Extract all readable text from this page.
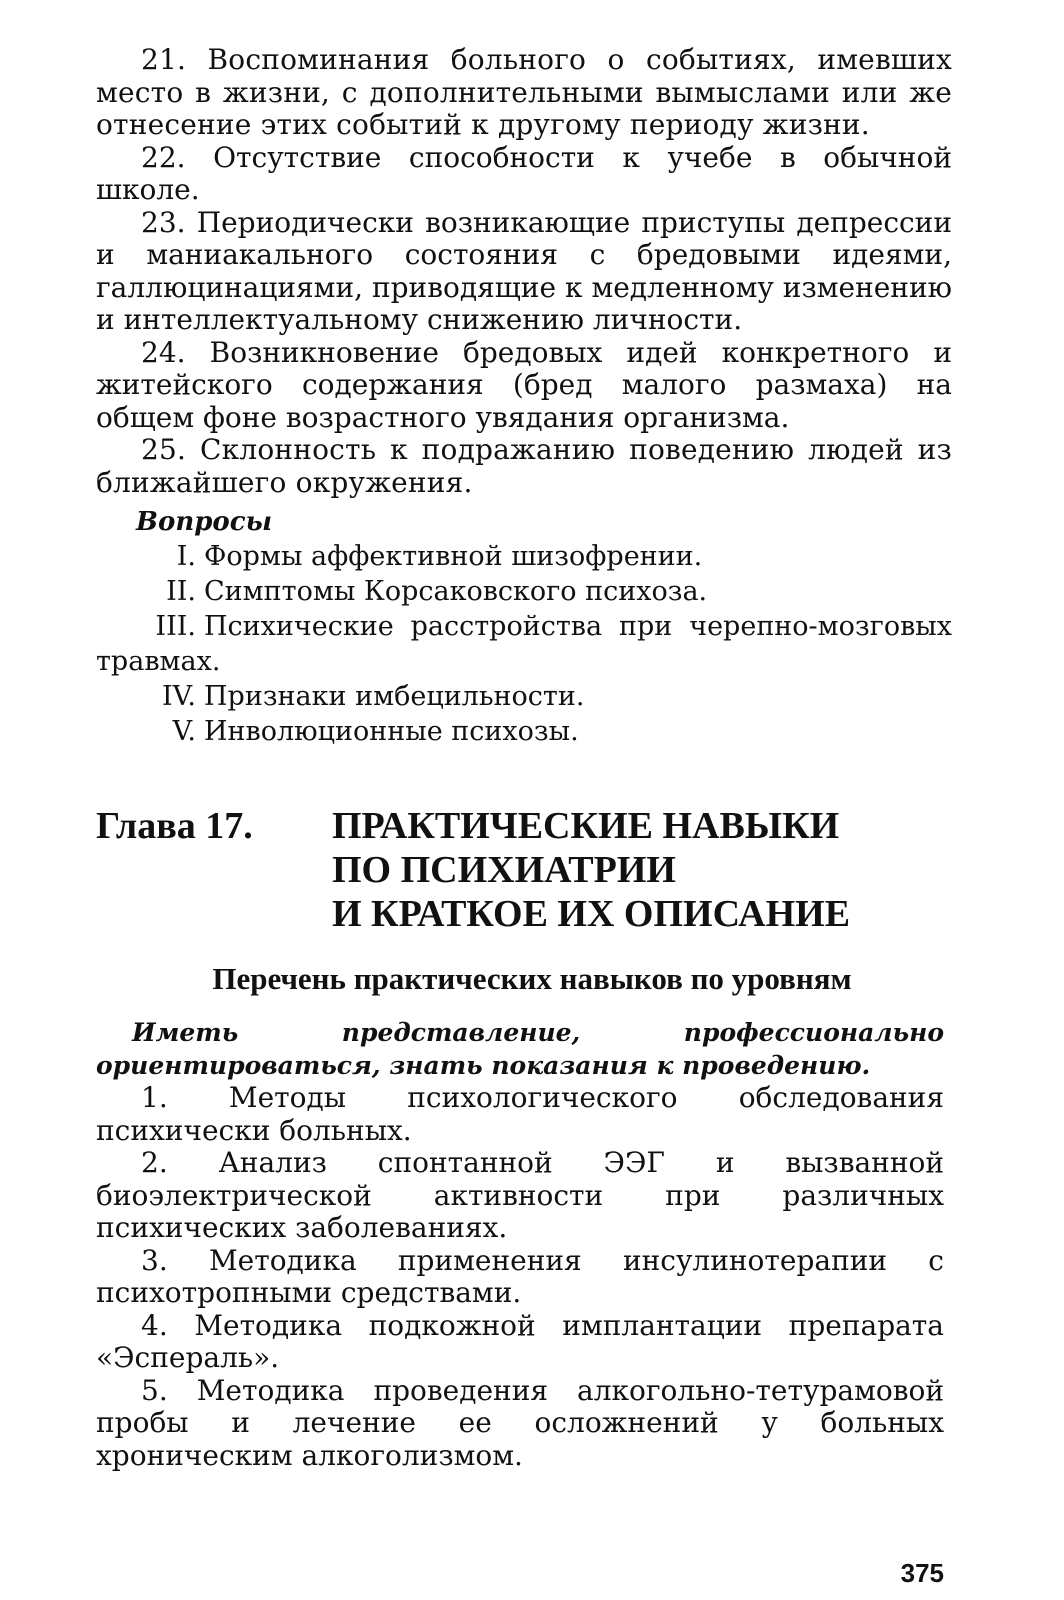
21. Воспоминания больного о событиях, имевших место в жизни, с дополнительными вымыслами или же отнесение этих событий к другому периоду жизни.

22. Отсутствие способности к учебе в обычной школе.

23. Периодически возникающие приступы депрессии и маниакального состояния с бредовыми идеями, галлюцинациями, приводящие к медленному изменению и интеллектуальному снижению личности.

24. Возникновение бредовых идей конкретного и житейского содержания (бред малого размаха) на общем фоне возрастного увядания организма.

25. Склонность к подражанию поведению людей из ближайшего окружения.

Вопросы

I. Формы аффективной шизофрении.

II. Симптомы Корсаковского психоза.

III. Психические расстройства при черепно-мозговых травмах.

IV. Признаки имбецильности.

V. Инволюционные психозы.

Глава 17.	ПРАКТИЧЕСКИЕ НАВЫКИ
ПО ПСИХИАТРИИ
И КРАТКОЕ ИХ ОПИСАНИЕ
Перечень практических навыков по уровням

Иметь представление, профессионально ориентироваться, знать показания к проведению.

1. Методы психологического обследования психически больных.

2. Анализ спонтанной ЭЭГ и вызванной биоэлектрической активности при различных психических заболеваниях.

3. Методика применения инсулинотерапии с психотропными средствами.

4. Методика подкожной имплантации препарата «Эспераль».

5. Методика проведения алкогольно-тетурамовой пробы и лечение ее осложнений у больных хроническим алкоголизмом.

375
